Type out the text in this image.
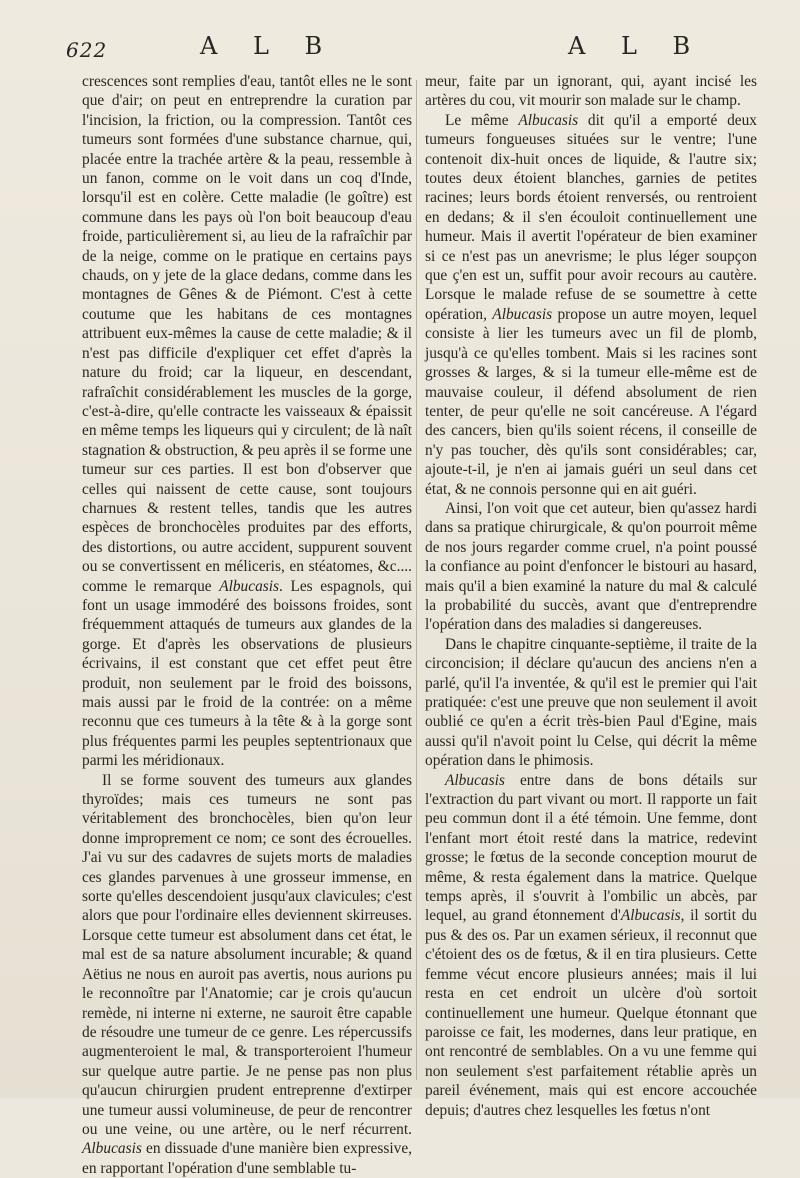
622	A L B	A L B

crescences sont remplies d'eau, tantôt elles ne le sont que d'air; on peut en entreprendre la curation par l'incision, la friction, ou la compression. Tantôt ces tumeurs sont formées d'une substance charnue, qui, placée entre la trachée artère & la peau, ressemble à un fanon, comme on le voit dans un coq d'Inde, lorsqu'il est en colère. Cette maladie (le goître) est commune dans les pays où l'on boit beaucoup d'eau froide, particulièrement si, au lieu de la rafraîchir par de la neige, comme on le pratique en certains pays chauds, on y jete de la glace dedans, comme dans les montagnes de Gênes & de Piémont. C'est à cette coutume que les habitans de ces montagnes attribuent eux-mêmes la cause de cette maladie; & il n'est pas difficile d'expliquer cet effet d'après la nature du froid; car la liqueur, en descendant, rafraîchit considérablement les muscles de la gorge, c'est-à-dire, qu'elle contracte les vaisseaux & épaissit en même temps les liqueurs qui y circulent; de là naît stagnation & obstruction, & peu après il se forme une tumeur sur ces parties. Il est bon d'observer que celles qui naissent de cette cause, sont toujours charnues & restent telles, tandis que les autres espèces de bronchocèles produites par des efforts, des distortions, ou autre accident, suppurent souvent ou se convertissent en méliceris, en stéatomes, &c.... comme le remarque Albucasis. Les espagnols, qui font un usage immodéré des boissons froides, sont fréquemment attaqués de tumeurs aux glandes de la gorge. Et d'après les observations de plusieurs écrivains, il est constant que cet effet peut être produit, non seulement par le froid des boissons, mais aussi par le froid de la contrée: on a même reconnu que ces tumeurs à la tête & à la gorge sont plus fréquentes parmi les peuples septentrionaux que parmi les méridionaux.

Il se forme souvent des tumeurs aux glandes thyroïdes; mais ces tumeurs ne sont pas véritablement des bronchocèles, bien qu'on leur donne improprement ce nom; ce sont des écrouelles. J'ai vu sur des cadavres de sujets morts de maladies ces glandes parvenues à une grosseur immense, en sorte qu'elles descendoient jusqu'aux clavicules; c'est alors que pour l'ordinaire elles deviennent skirreuses. Lorsque cette tumeur est absolument dans cet état, le mal est de sa nature absolument incurable; & quand Aëtius ne nous en auroit pas avertis, nous aurions pu le reconnoître par l'Anatomie; car je crois qu'aucun remède, ni interne ni externe, ne sauroit être capable de résoudre une tumeur de ce genre. Les répercussifs augmenteroient le mal, & transporteroient l'humeur sur quelque autre partie. Je ne pense pas non plus qu'aucun chirurgien prudent entreprenne d'extirper une tumeur aussi volumineuse, de peur de rencontrer ou une veine, ou une artère, ou le nerf récurrent. Albucasis en dissuade d'une manière bien expressive, en rapportant l'opération d'une semblable tu-

meur, faite par un ignorant, qui, ayant incisé les artères du cou, vit mourir son malade sur le champ.

Le même Albucasis dit qu'il a emporté deux tumeurs fongueuses situées sur le ventre; l'une contenoit dix-huit onces de liquide, & l'autre six; toutes deux étoient blanches, garnies de petites racines; leurs bords étoient renversés, ou rentroient en dedans; & il s'en écouloit continuellement une humeur. Mais il avertit l'opérateur de bien examiner si ce n'est pas un anevrisme; le plus léger soupçon que ç'en est un, suffit pour avoir recours au cautère. Lorsque le malade refuse de se soumettre à cette opération, Albucasis propose un autre moyen, lequel consiste à lier les tumeurs avec un fil de plomb, jusqu'à ce qu'elles tombent. Mais si les racines sont grosses & larges, & si la tumeur elle-même est de mauvaise couleur, il défend absolument de rien tenter, de peur qu'elle ne soit cancéreuse. A l'égard des cancers, bien qu'ils soient récens, il conseille de n'y pas toucher, dès qu'ils sont considérables; car, ajoute-t-il, je n'en ai jamais guéri un seul dans cet état, & ne connois personne qui en ait guéri.

Ainsi, l'on voit que cet auteur, bien qu'assez hardi dans sa pratique chirurgicale, & qu'on pourroit même de nos jours regarder comme cruel, n'a point poussé la confiance au point d'enfoncer le bistouri au hasard, mais qu'il a bien examiné la nature du mal & calculé la probabilité du succès, avant que d'entreprendre l'opération dans des maladies si dangereuses.

Dans le chapitre cinquante-septième, il traite de la circoncision; il déclare qu'aucun des anciens n'en a parlé, qu'il l'a inventée, & qu'il est le premier qui l'ait pratiquée: c'est une preuve que non seulement il avoit oublié ce qu'en a écrit très-bien Paul d'Egine, mais aussi qu'il n'avoit point lu Celse, qui décrit la même opération dans le phimosis.

Albucasis entre dans de bons détails sur l'extraction du part vivant ou mort. Il rapporte un fait peu commun dont il a été témoin. Une femme, dont l'enfant mort étoit resté dans la matrice, redevint grosse; le fœtus de la seconde conception mourut de même, & resta également dans la matrice. Quelque temps après, il s'ouvrit à l'ombilic un abcès, par lequel, au grand étonnement d'Albucasis, il sortit du pus & des os. Par un examen sérieux, il reconnut que c'étoient des os de fœtus, & il en tira plusieurs. Cette femme vécut encore plusieurs années; mais il lui resta en cet endroit un ulcère d'où sortoit continuellement une humeur. Quelque étonnant que paroisse ce fait, les modernes, dans leur pratique, en ont rencontré de semblables. On a vu une femme qui non seulement s'est parfaitement rétablie après un pareil événement, mais qui est encore accouchée depuis; d'autres chez lesquelles les fœtus n'ont
